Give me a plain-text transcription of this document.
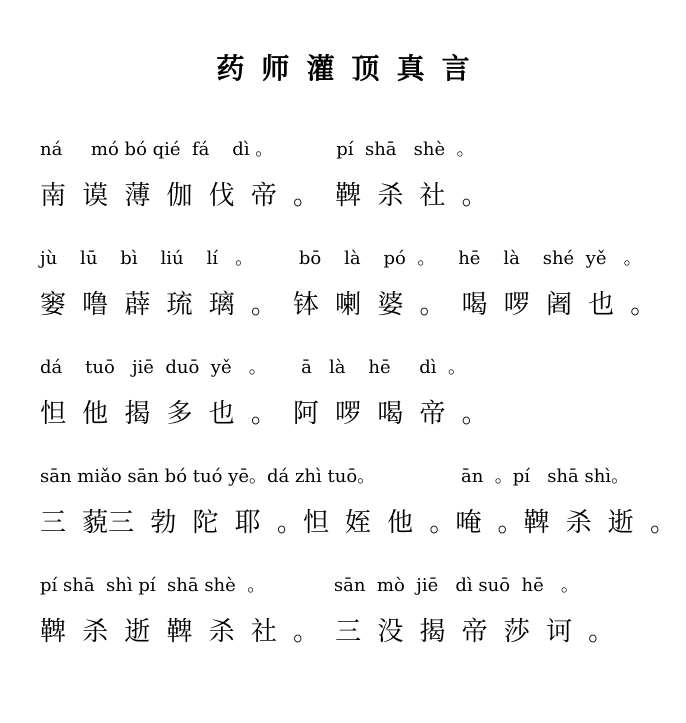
药 师 灌 顶 真 言
ná     mó bó qié  fá    dì 。           pí  shā   shè  。
南 谟 薄 伽 伐 帝 。 鞞 杀 社 。
jù    lū    bì    liú    lí   。        bō    là    pó  。    hē    là    shé  yě   。
窭 噜 薜 琉 璃 。 钵 喇 婆 。 喝 啰 阇 也 。
dá    tuō   jiē  duō  yě   。      ā   là    hē     dì  。
怛 他 揭 多 也 。 阿 啰 喝 帝 。
sān miǎo sān bó tuó yē。dá zhì tuō。               ān  。pí   shā shì。
三 藐三 勃 陀 耶 。怛 姪 他 。唵 。鞞 杀 逝 。
pí shā  shì pí  shā shè  。            sān  mò  jiē   dì suō  hē   。
鞞 杀 逝 鞞 杀 社 。 三 没 揭 帝 莎 诃 。
